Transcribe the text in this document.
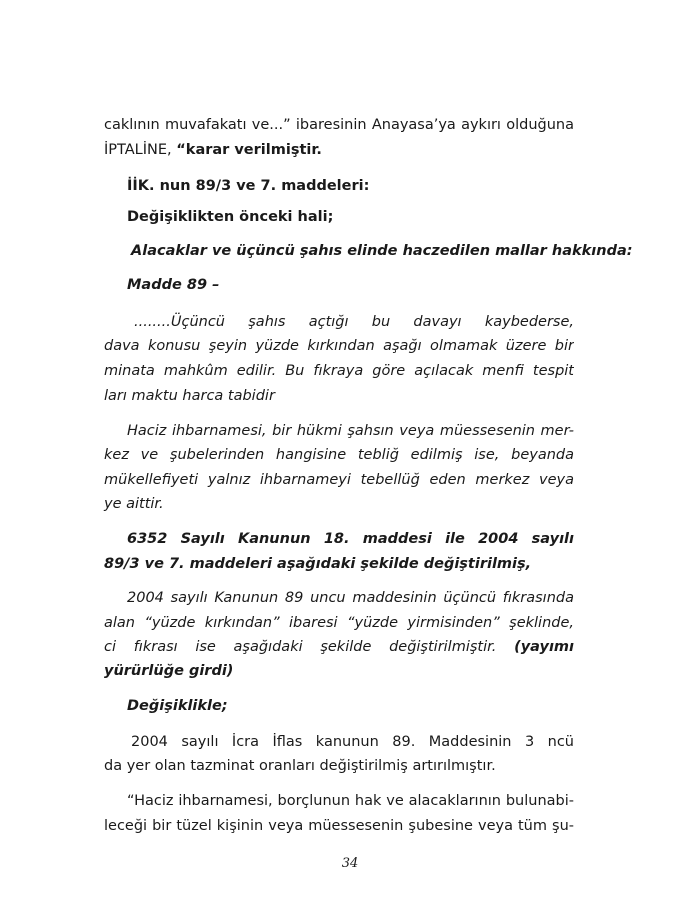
caklının muvafakatı ve...” ibaresinin Anayasa’ya aykırı olduğuna
İPTALİNE, “karar verilmiştir.
İİK. nun 89/3 ve 7. maddeleri:
Değişiklikten önceki hali;
Alacaklar ve üçüncü şahıs elinde haczedilen mallar hakkında:
Madde 89 –
........Üçüncü şahıs açtığı bu davayı kaybederse,
dava konusu şeyin yüzde kırkından aşağı olmamak üzere bir
minata mahkûm edilir. Bu fıkraya göre açılacak menfi tespit
ları maktu harca tabidir
Haciz ihbarnamesi, bir hükmi şahsın veya müessesenin mer-
kez ve şubelerinden hangisine tebliğ edilmiş ise, beyanda
mükellefiyeti yalnız ihbarnameyi tebellüğ eden merkez veya
ye aittir.
6352 Sayılı Kanunun 18. maddesi ile 2004 sayılı
89/3 ve 7. maddeleri aşağıdaki şekilde değiştirilmiş,
2004 sayılı Kanunun 89 uncu maddesinin üçüncü fıkrasında
alan “yüzde kırkından” ibaresi “yüzde yirmisinden” şeklinde,
ci fıkrası ise aşağıdaki şekilde değiştirilmiştir. (yayımı
yürürlüğe girdi)
Değişiklikle;
2004 sayılı İcra İflas kanunun 89. Maddesinin 3 ncü
da yer olan tazminat oranları değiştirilmiş artırılmıştır.
“Haciz ihbarnamesi, borçlunun hak ve alacaklarının bulunabi-
leceği bir tüzel kişinin veya müessesenin şubesine veya tüm şu-
34
